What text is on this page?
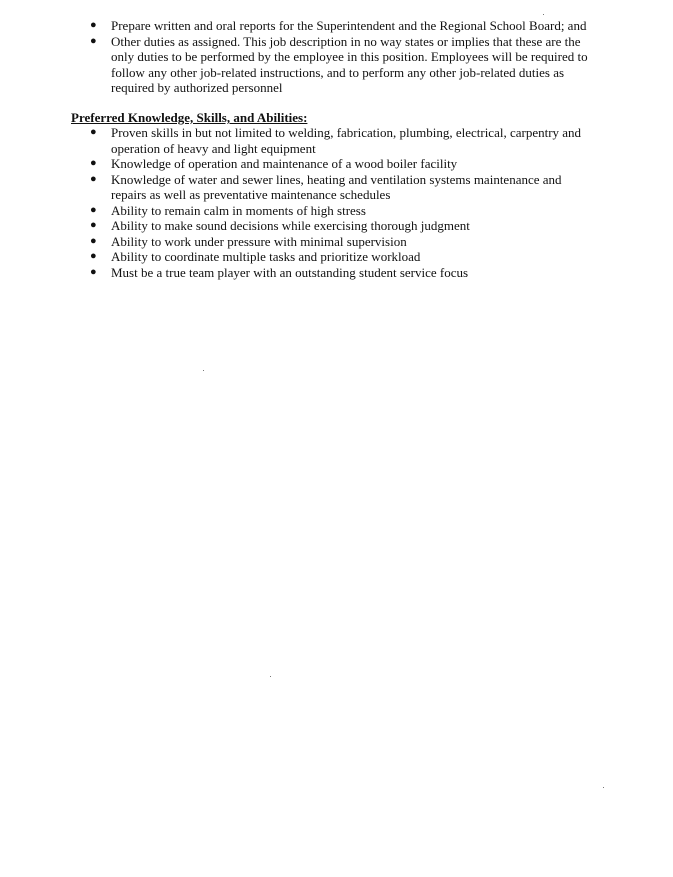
● Prepare written and oral reports for the Superintendent and the Regional School Board; and
● Other duties as assigned. This job description in no way states or implies that these are the only duties to be performed by the employee in this position. Employees will be required to follow any other job-related instructions, and to perform any other job-related duties as required by authorized personnel
Preferred Knowledge, Skills, and Abilities:
● Proven skills in but not limited to welding, fabrication, plumbing, electrical, carpentry and operation of heavy and light equipment
● Knowledge of operation and maintenance of a wood boiler facility
● Knowledge of water and sewer lines, heating and ventilation systems maintenance and repairs as well as preventative maintenance schedules
● Ability to remain calm in moments of high stress
● Ability to make sound decisions while exercising thorough judgment
● Ability to work under pressure with minimal supervision
● Ability to coordinate multiple tasks and prioritize workload
● Must be a true team player with an outstanding student service focus
